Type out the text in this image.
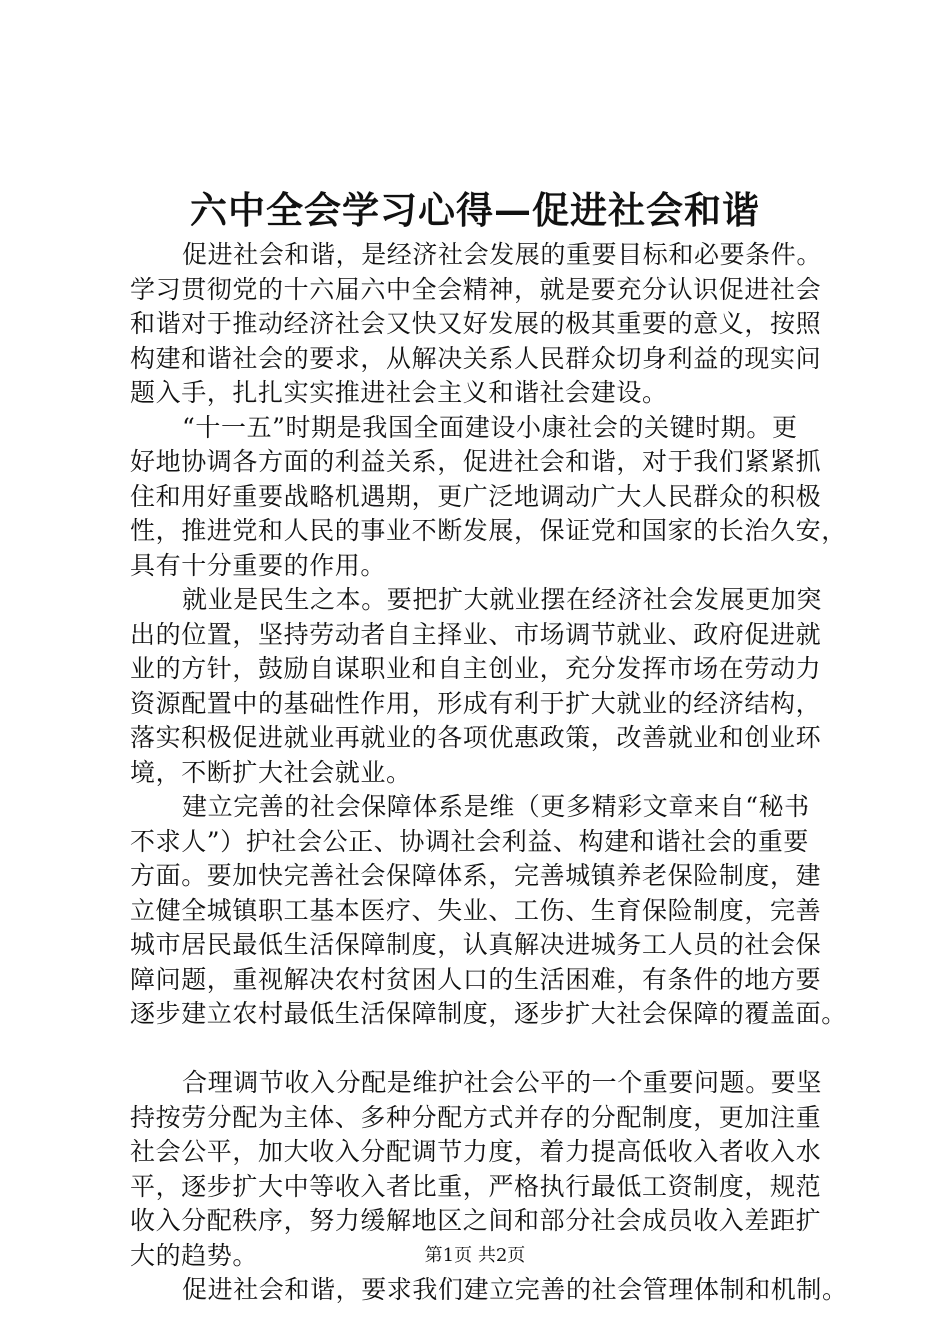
六中全会学习心得—促进社会和谐
促进社会和谐，是经济社会发展的重要目标和必要条件。
学习贯彻党的十六届六中全会精神，就是要充分认识促进社会
和谐对于推动经济社会又快又好发展的极其重要的意义，按照
构建和谐社会的要求，从解决关系人民群众切身利益的现实问
题入手，扎扎实实推进社会主义和谐社会建设。
“十一五”时期是我国全面建设小康社会的关键时期。更
好地协调各方面的利益关系，促进社会和谐，对于我们紧紧抓
住和用好重要战略机遇期，更广泛地调动广大人民群众的积极
性，推进党和人民的事业不断发展，保证党和国家的长治久安，
具有十分重要的作用。
就业是民生之本。要把扩大就业摆在经济社会发展更加突
出的位置，坚持劳动者自主择业、市场调节就业、政府促进就
业的方针，鼓励自谋职业和自主创业，充分发挥市场在劳动力
资源配置中的基础性作用，形成有利于扩大就业的经济结构，
落实积极促进就业再就业的各项优惠政策，改善就业和创业环
境，不断扩大社会就业。
建立完善的社会保障体系是维（更多精彩文章来自“秘书
不求人”）护社会公正、协调社会利益、构建和谐社会的重要
方面。要加快完善社会保障体系，完善城镇养老保险制度，建
立健全城镇职工基本医疗、失业、工伤、生育保险制度，完善
城市居民最低生活保障制度，认真解决进城务工人员的社会保
障问题，重视解决农村贫困人口的生活困难，有条件的地方要
逐步建立农村最低生活保障制度，逐步扩大社会保障的覆盖面。
合理调节收入分配是维护社会公平的一个重要问题。要坚
持按劳分配为主体、多种分配方式并存的分配制度，更加注重
社会公平，加大收入分配调节力度，着力提高低收入者收入水
平，逐步扩大中等收入者比重，严格执行最低工资制度，规范
收入分配秩序，努力缓解地区之间和部分社会成员收入差距扩
大的趋势。
促进社会和谐，要求我们建立完善的社会管理体制和机制。
第1页 共2页
